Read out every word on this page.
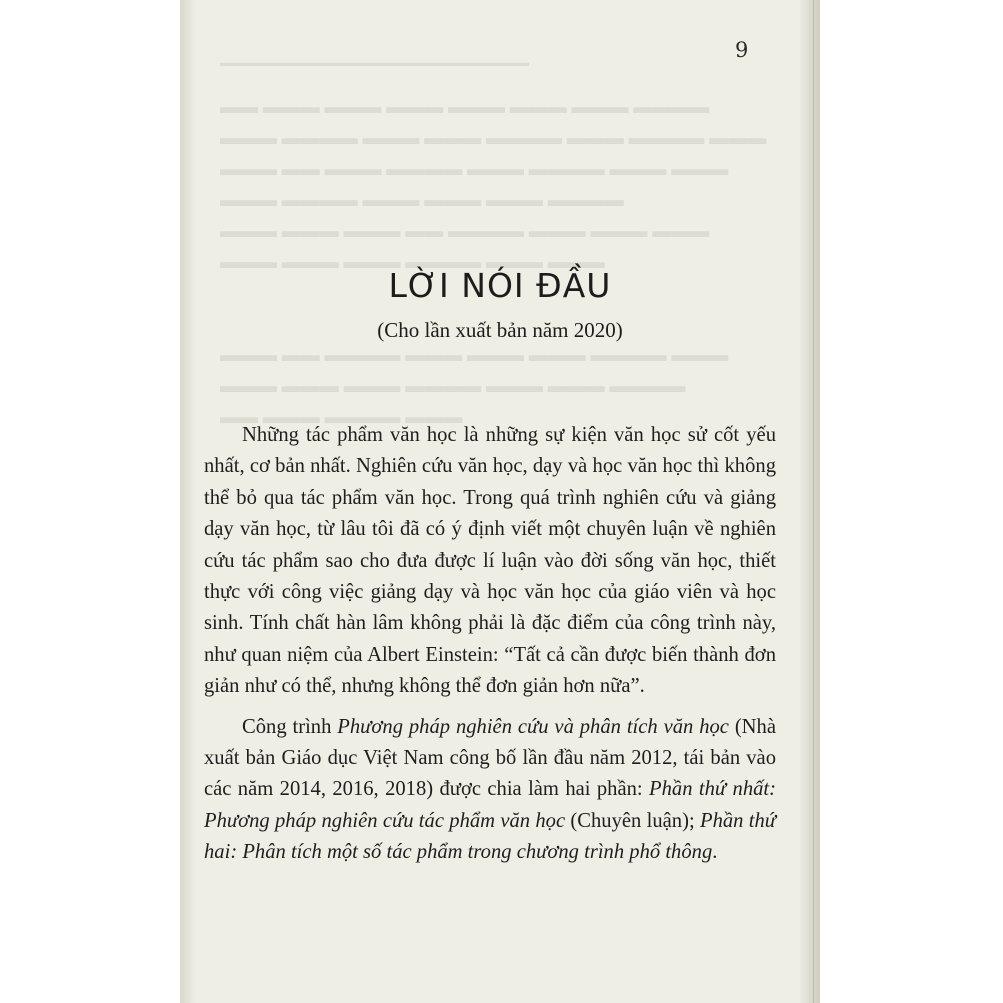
━━━━━━━━━━━━━━━━━━━━━━━━━━━
▬▬▬▬ ▬▬▬ ▬▬▬ ▬▬▬ ▬▬▬ ▬▬▬ ▬▬▬ ▬▬
▬▬▬ ▬▬▬▬ ▬▬▬ ▬▬▬▬ ▬▬▬ ▬▬▬ ▬▬▬▬ ▬▬▬
▬▬▬ ▬▬▬ ▬▬▬▬ ▬▬▬ ▬▬▬▬ ▬▬▬ ▬▬ ▬▬▬
▬▬▬▬ ▬▬▬ ▬▬▬ ▬▬▬ ▬▬▬▬ ▬▬▬
▬▬▬ ▬▬▬ ▬▬▬ ▬▬▬▬ ▬▬ ▬▬▬ ▬▬▬ ▬▬▬
▬▬▬ ▬▬▬ ▬▬▬▬ ▬▬▬ ▬▬▬ ▬▬▬
▬▬▬ ▬▬▬▬ ▬▬▬ ▬▬▬ ▬▬▬ ▬▬▬▬ ▬▬ ▬▬▬
▬▬▬▬ ▬▬▬ ▬▬▬ ▬▬▬▬ ▬▬▬ ▬▬▬ ▬▬▬
▬▬▬ ▬▬▬▬ ▬▬▬ ▬▬
9
LỜI NÓI ĐẦU
(Cho lần xuất bản năm 2020)

Những tác phẩm văn học là những sự kiện văn học sử cốt yếu nhất, cơ bản nhất. Nghiên cứu văn học, dạy và học văn học thì không thể bỏ qua tác phẩm văn học. Trong quá trình nghiên cứu và giảng dạy văn học, từ lâu tôi đã có ý định viết một chuyên luận về nghiên cứu tác phẩm sao cho đưa được lí luận vào đời sống văn học, thiết thực với công việc giảng dạy và học văn học của giáo viên và học sinh. Tính chất hàn lâm không phải là đặc điểm của công trình này, như quan niệm của Albert Einstein: “Tất cả cần được biến thành đơn giản như có thể, nhưng không thể đơn giản hơn nữa”.

Công trình Phương pháp nghiên cứu và phân tích văn học (Nhà xuất bản Giáo dục Việt Nam công bố lần đầu năm 2012, tái bản vào các năm 2014, 2016, 2018) được chia làm hai phần: Phần thứ nhất: Phương pháp nghiên cứu tác phẩm văn học (Chuyên luận); Phần thứ hai: Phân tích một số tác phẩm trong chương trình phổ thông.
